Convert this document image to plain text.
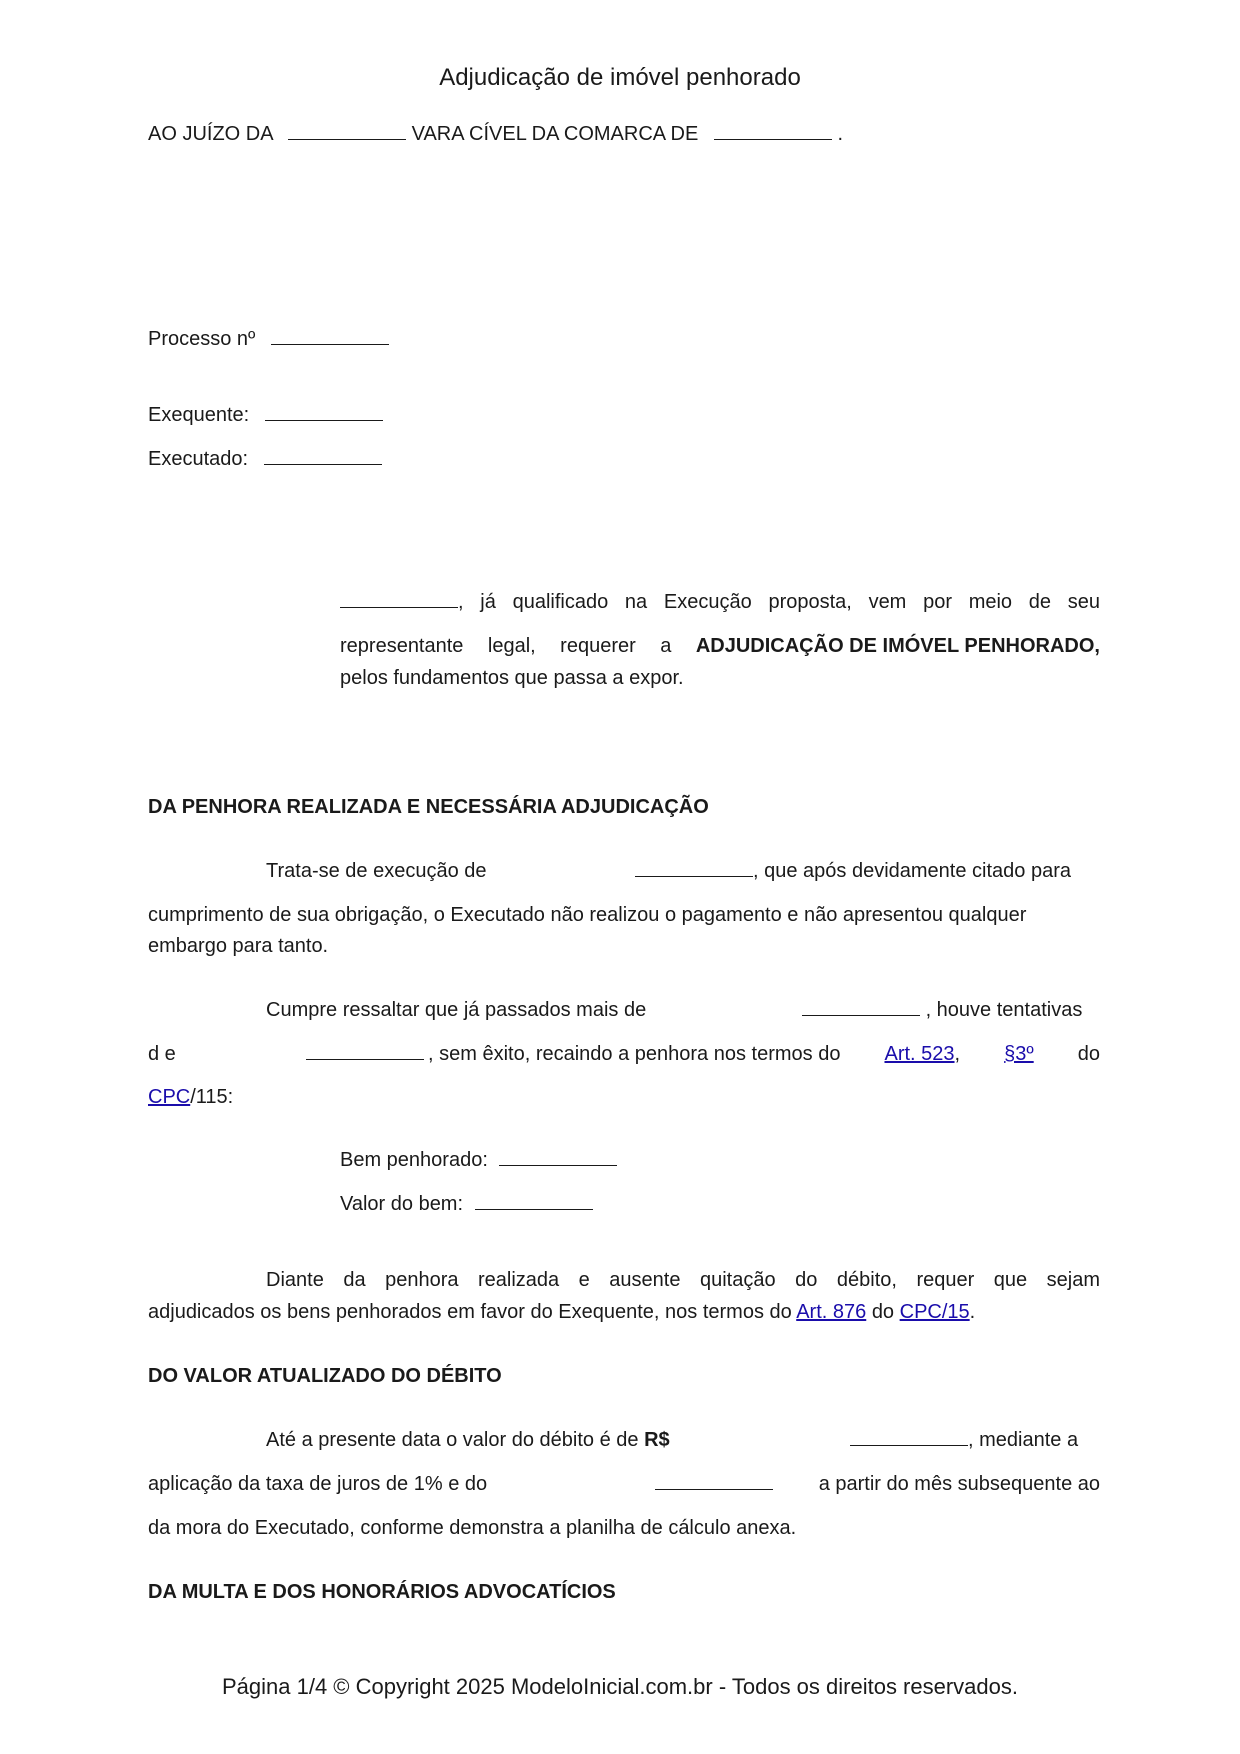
Adjudicação de imóvel penhorado
AO JUÍZO DA	VARA CÍVEL DA COMARCA DE	.
Processo nº
Exequente:
Executado:
, já qualificado na Execução proposta, vem por meio de seu
representante legal, requerer a ADJUDICAÇÃO DE IMÓVEL PENHORADO,
pelos fundamentos que passa a expor.
DA PENHORA REALIZADA E NECESSÁRIA ADJUDICAÇÃO
Trata-se de execução de	, que após devidamente citado para
cumprimento de sua obrigação, o Executado não realizou o pagamento e não apresentou qualquer
embargo para tanto.
Cumpre ressaltar que já passados mais de	, houve tentativas
d e	, sem êxito, recaindo a penhora nos termos do Art. 523, §3º do
CPC/115:
Bem penhorado:
Valor do bem:
Diante da penhora realizada e ausente quitação do débito, requer que sejam
adjudicados os bens penhorados em favor do Exequente, nos termos do Art. 876 do CPC/15.
DO VALOR ATUALIZADO DO DÉBITO
Até a presente data o valor do débito é de R$	, mediante a
aplicação da taxa de juros de 1% e do	a partir do mês subsequente ao
da mora do Executado, conforme demonstra a planilha de cálculo anexa.
DA MULTA E DOS HONORÁRIOS ADVOCATÍCIOS
Página 1/4 © Copyright 2025 ModeloInicial.com.br - Todos os direitos reservados.
